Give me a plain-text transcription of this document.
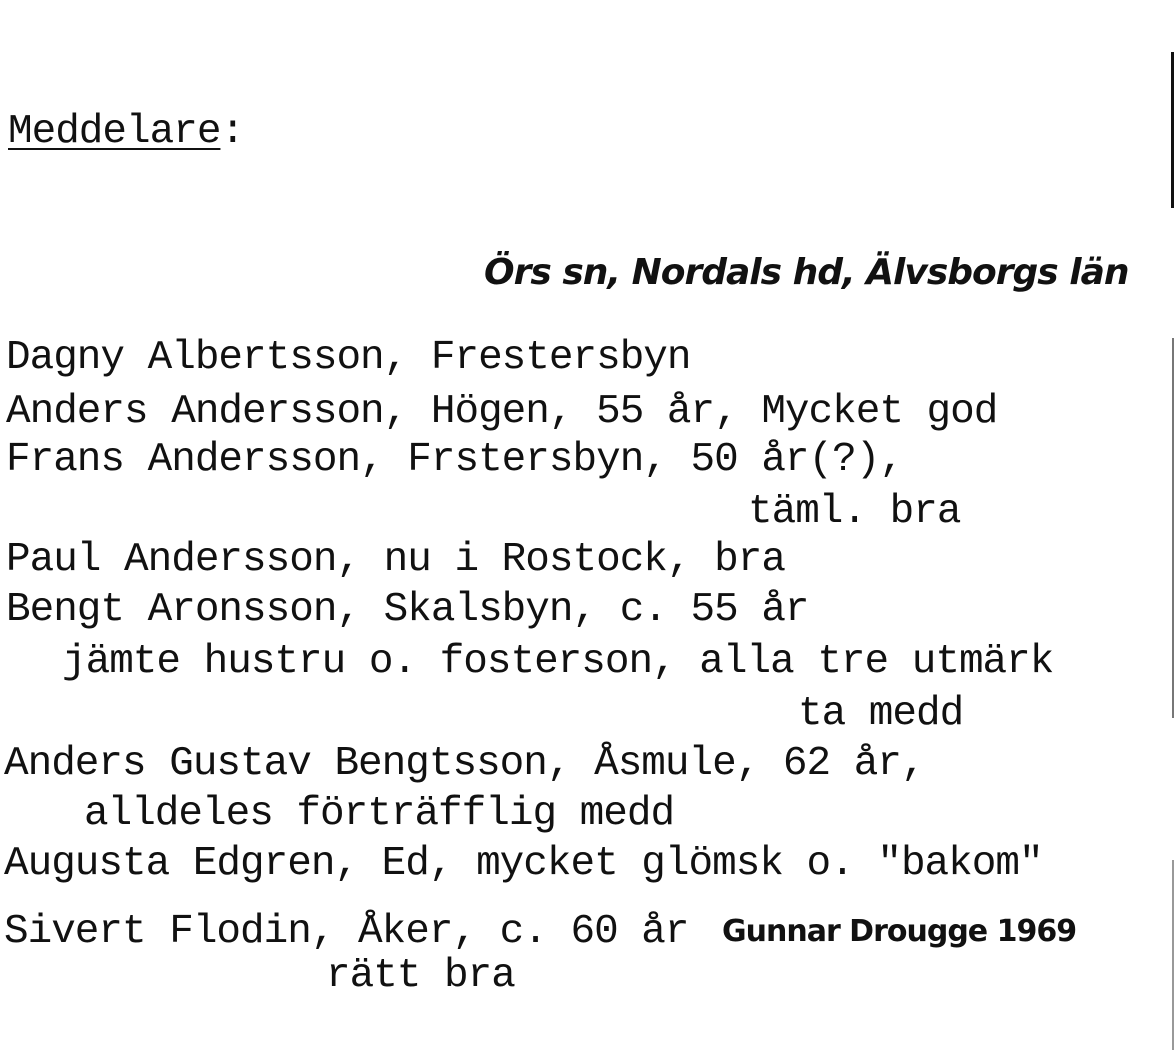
Meddelare:
Örs sn, Nordals hd, Älvsborgs län
Dagny Albertsson, Frestersbyn
Anders Andersson, Högen, 55 år, Mycket god
Frans Andersson, Frstersbyn, 50 år(?),
täml. bra
Paul Andersson, nu i Rostock, bra
Bengt Aronsson, Skalsbyn, c. 55 år
jämte hustru o. fosterson, alla tre utmärk
ta medd
Anders Gustav Bengtsson, Åsmule, 62 år,
alldeles förträfflig medd
Augusta Edgren, Ed, mycket glömsk o. "bakom"
Sivert Flodin, Åker, c. 60 år
rätt bra
Gunnar Drougge 1969
